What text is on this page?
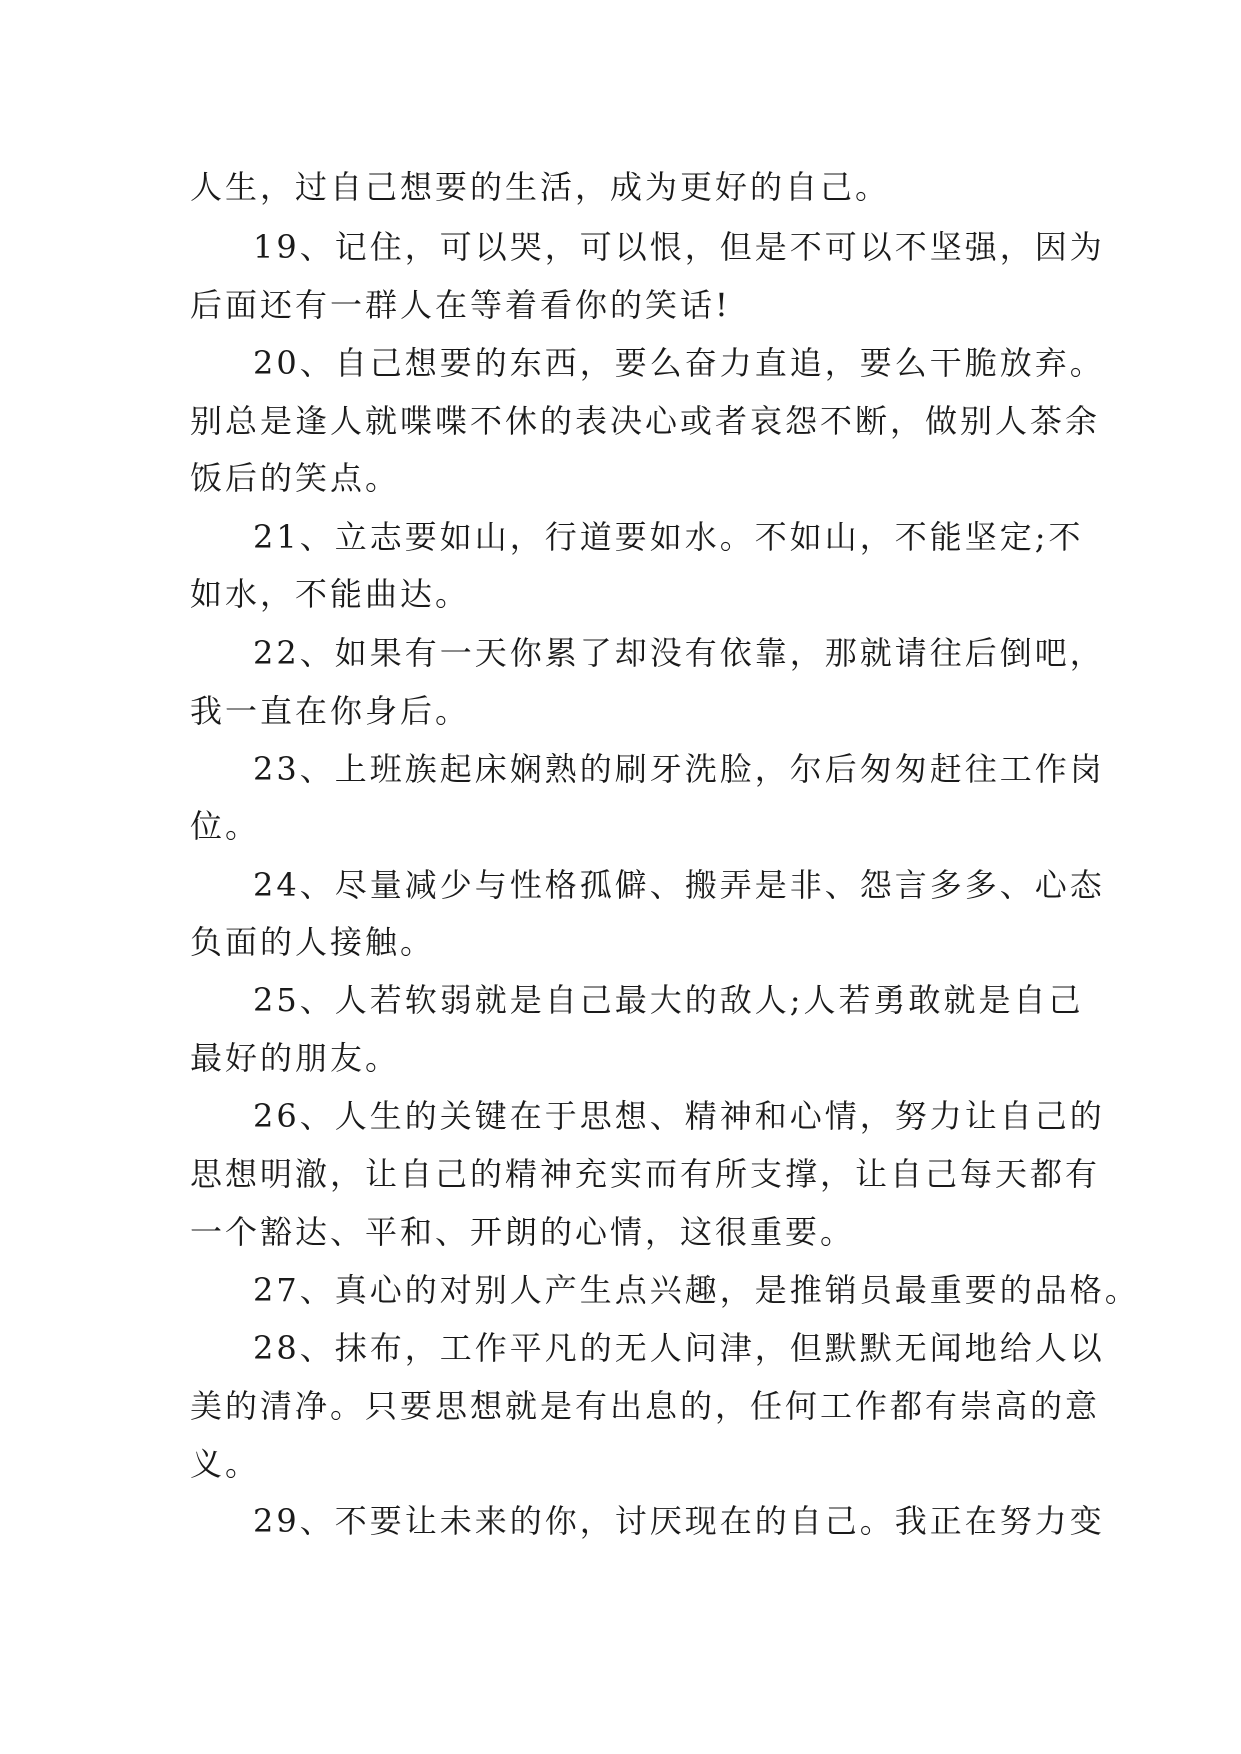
人生，过自己想要的生活，成为更好的自己。
19、记住，可以哭，可以恨，但是不可以不坚强，因为
后面还有一群人在等着看你的笑话!
20、自己想要的东西，要么奋力直追，要么干脆放弃。
别总是逢人就喋喋不休的表决心或者哀怨不断，做别人茶余
饭后的笑点。
21、立志要如山，行道要如水。不如山，不能坚定;不
如水，不能曲达。
22、如果有一天你累了却没有依靠，那就请往后倒吧，
我一直在你身后。
23、上班族起床娴熟的刷牙洗脸，尔后匆匆赶往工作岗
位。
24、尽量减少与性格孤僻、搬弄是非、怨言多多、心态
负面的人接触。
25、人若软弱就是自己最大的敌人;人若勇敢就是自己
最好的朋友。
26、人生的关键在于思想、精神和心情，努力让自己的
思想明澈，让自己的精神充实而有所支撑，让自己每天都有
一个豁达、平和、开朗的心情，这很重要。
27、真心的对别人产生点兴趣，是推销员最重要的品格。
28、抹布，工作平凡的无人问津，但默默无闻地给人以
美的清净。只要思想就是有出息的，任何工作都有崇高的意
义。
29、不要让未来的你，讨厌现在的自己。我正在努力变
